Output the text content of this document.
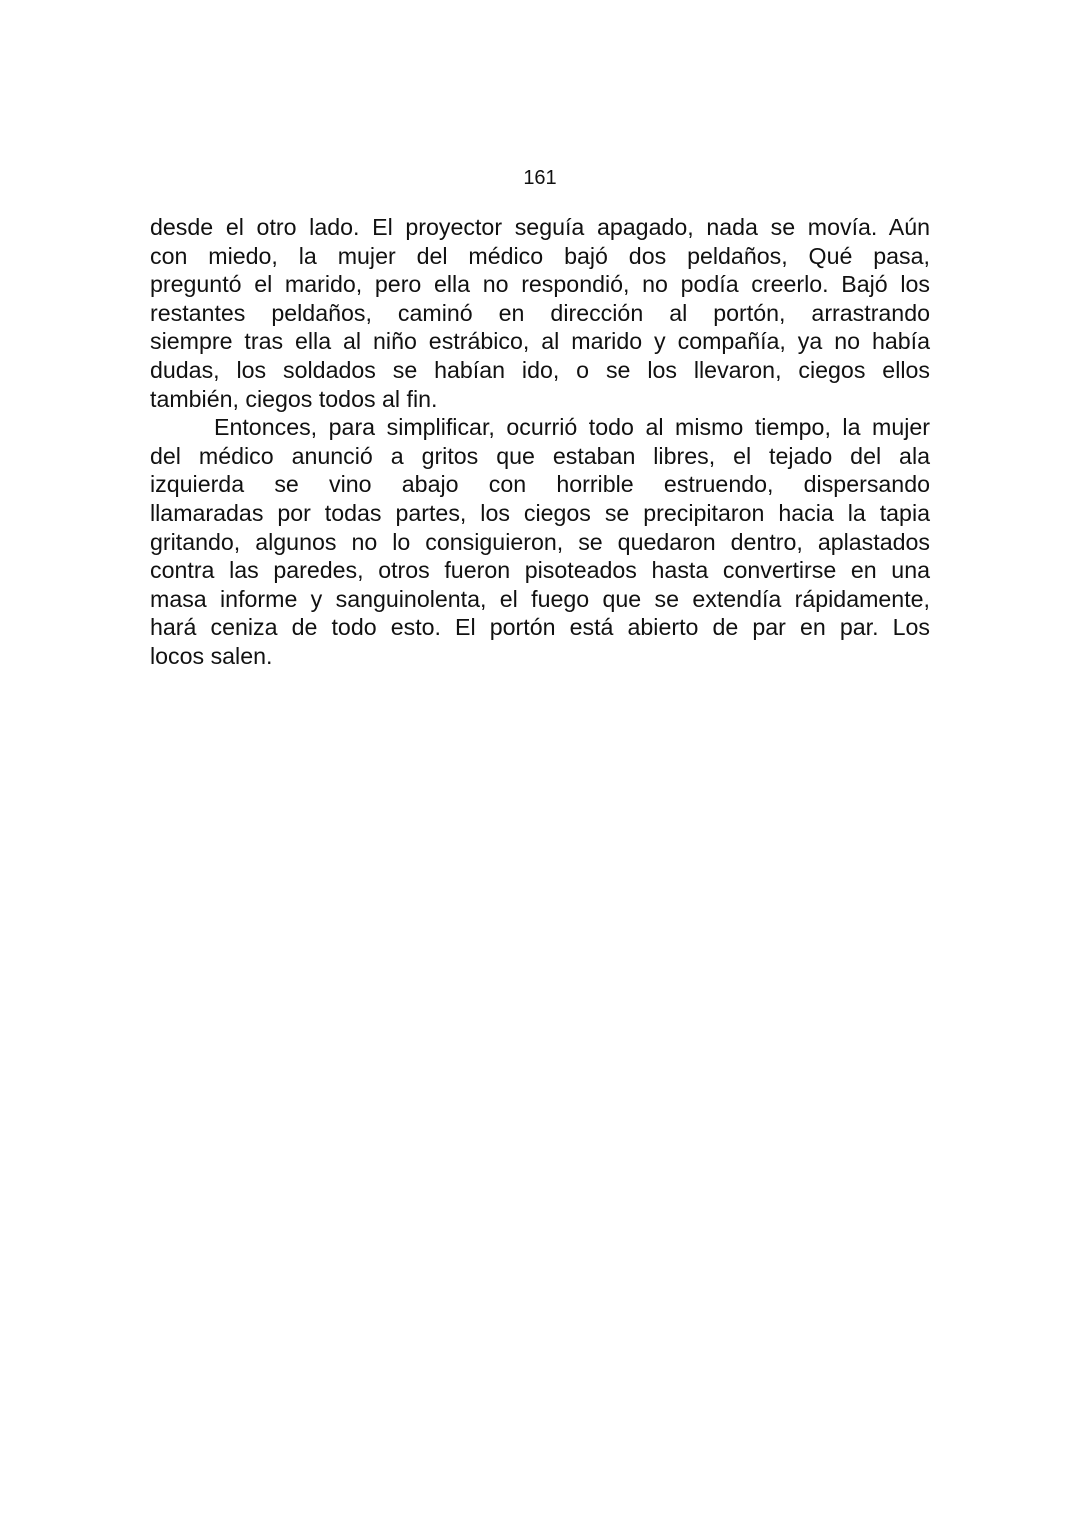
161
desde el otro lado. El proyector seguía apagado, nada se movía. Aún
con miedo, la mujer del médico bajó dos peldaños, Qué pasa,
preguntó el marido, pero ella no respondió, no podía creerlo. Bajó los
restantes peldaños, caminó en dirección al portón, arrastrando
siempre tras ella al niño estrábico, al marido y compañía, ya no había
dudas, los soldados se habían ido, o se los llevaron, ciegos ellos
también, ciegos todos al fin.
Entonces, para simplificar, ocurrió todo al mismo tiempo, la mujer
del médico anunció a gritos que estaban libres, el tejado del ala
izquierda se vino abajo con horrible estruendo, dispersando
llamaradas por todas partes, los ciegos se precipitaron hacia la tapia
gritando, algunos no lo consiguieron, se quedaron dentro, aplastados
contra las paredes, otros fueron pisoteados hasta convertirse en una
masa informe y sanguinolenta, el fuego que se extendía rápidamente,
hará ceniza de todo esto. El portón está abierto de par en par. Los
locos salen.
